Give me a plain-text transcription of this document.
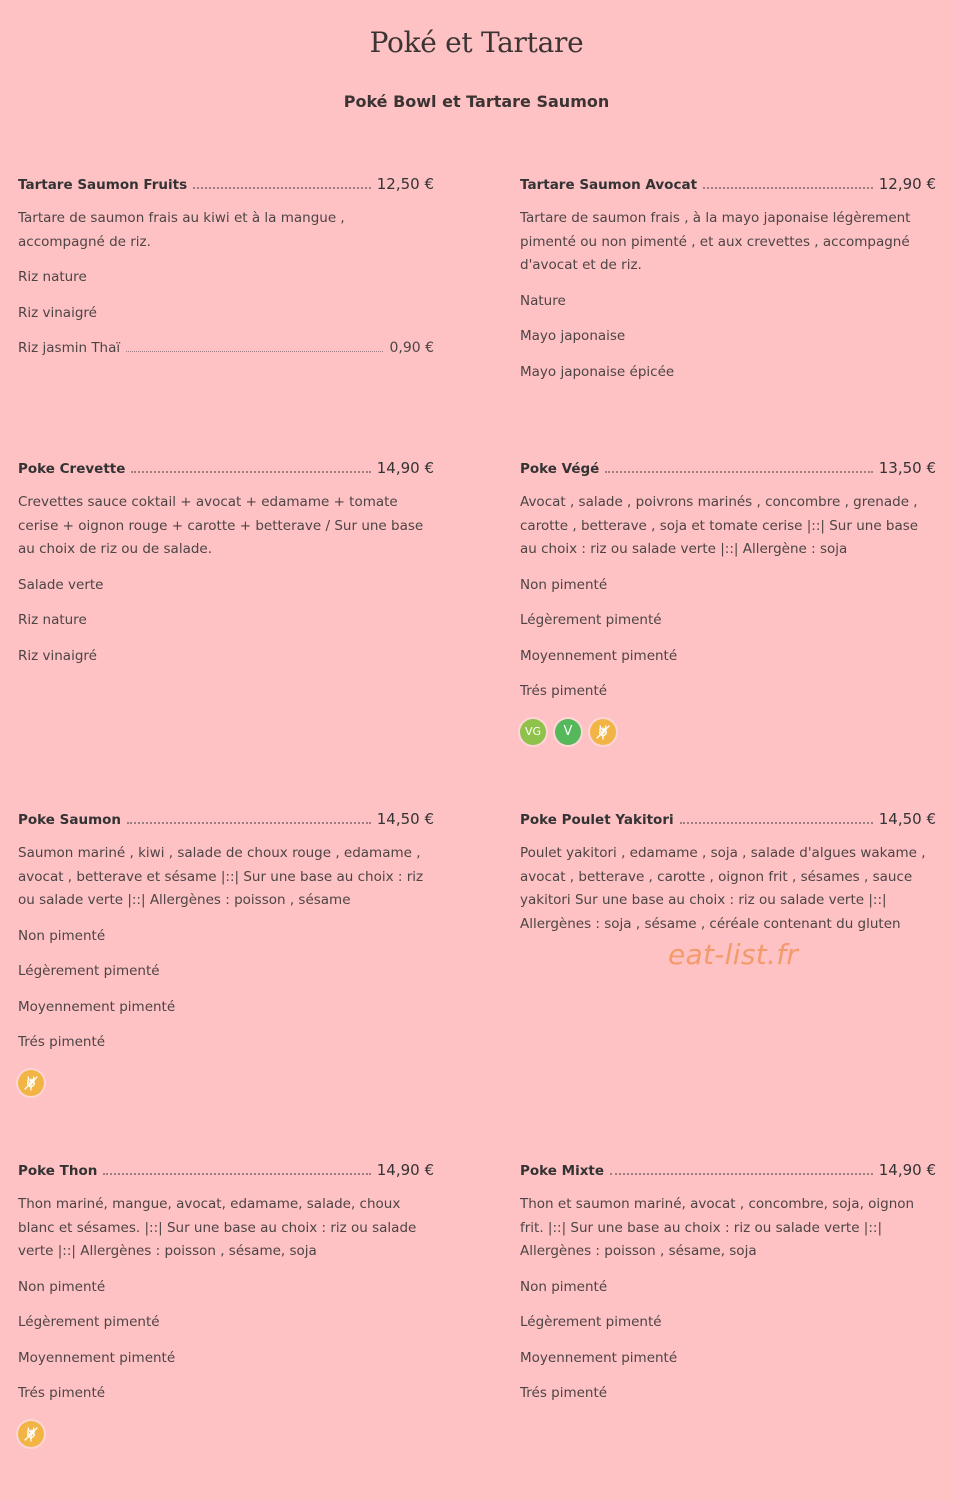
Poké et Tartare
Poké Bowl et Tartare Saumon
Tartare Saumon Fruits	12,50 €
Tartare de saumon frais au kiwi et à la mangue , accompagné de riz.
Riz nature
Riz vinaigré
Riz jasmin Thaï	0,90 €
Tartare Saumon Avocat	12,90 €
Tartare de saumon frais , à la mayo japonaise légèrement pimenté ou non pimenté , et aux crevettes , accompagné d'avocat et de riz.
Nature
Mayo japonaise
Mayo japonaise épicée
Poke Crevette	14,90 €
Crevettes sauce coktail + avocat + edamame + tomate cerise + oignon rouge + carotte + betterave / Sur une base au choix de riz ou de salade.
Salade verte
Riz nature
Riz vinaigré
Poke Végé	13,50 €
Avocat , salade , poivrons marinés , concombre , grenade , carotte , betterave , soja et tomate cerise |::| Sur une base au choix : riz ou salade verte |::| Allergène : soja
Non pimenté
Légèrement pimenté
Moyennement pimenté
Trés pimenté
VG	V
Poke Saumon	14,50 €
Saumon mariné , kiwi , salade de choux rouge , edamame , avocat , betterave et sésame |::| Sur une base au choix : riz ou salade verte |::| Allergènes : poisson , sésame
Non pimenté
Légèrement pimenté
Moyennement pimenté
Trés pimenté
Poke Poulet Yakitori	14,50 €
Poulet yakitori , edamame , soja , salade d'algues wakame , avocat , betterave , carotte , oignon frit , sésames , sauce yakitori Sur une base au choix : riz ou salade verte |::| Allergènes : soja , sésame , céréale contenant du gluten
eat-list.fr
Poke Thon	14,90 €
Thon mariné, mangue, avocat, edamame, salade, choux blanc et sésames. |::| Sur une base au choix : riz ou salade verte |::| Allergènes : poisson , sésame, soja
Non pimenté
Légèrement pimenté
Moyennement pimenté
Trés pimenté
Poke Mixte	14,90 €
Thon et saumon mariné, avocat , concombre, soja, oignon frit. |::| Sur une base au choix : riz ou salade verte |::| Allergènes : poisson , sésame, soja
Non pimenté
Légèrement pimenté
Moyennement pimenté
Trés pimenté
